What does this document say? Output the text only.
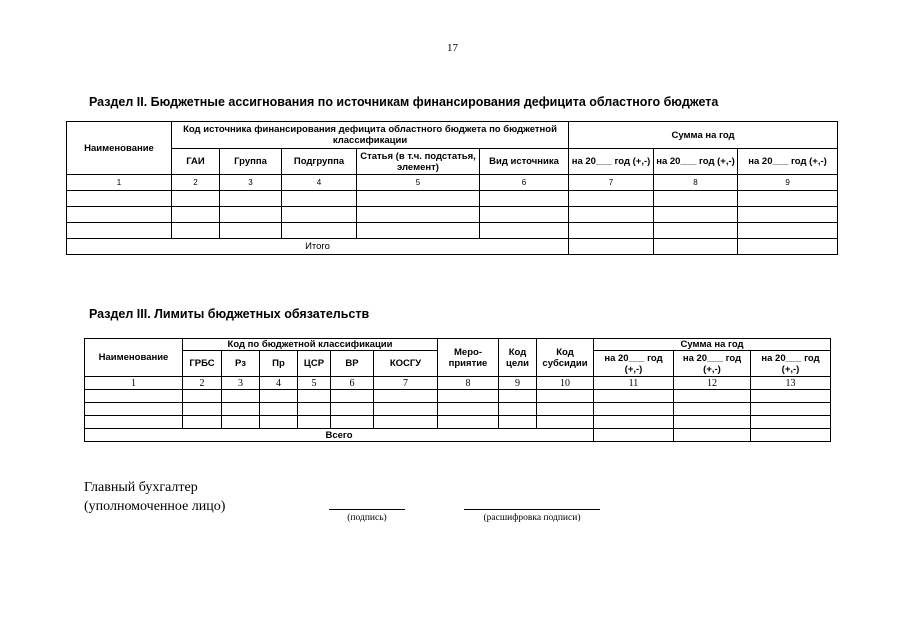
17
Раздел II. Бюджетные ассигнования по источникам финансирования дефицита областного бюджета
Наименование	Код источника финансирования дефицита областного бюджета по бюджетной классификации					Сумма на год		
	ГАИ	Группа	Подгруппа	Статья (в т.ч. подстатья, элемент)	Вид источника	на 20___ год (+,-)	на 20___ год (+,-)	на 20___ год (+,-)
1	2	3	4	5	6	7	8	9

Итого								
Раздел III. Лимиты бюджетных обязательств
Наименование	Код по бюджетной классификации						Меро-приятие	Код цели	Код субсидии	Сумма на год		
	ГРБС	Рз	Пр	ЦСР	ВР	КОСГУ				на 20___ год (+,-)	на 20___ год (+,-)	на 20___ год (+,-)
1	2	3	4	5	6	7	8	9	10	11	12	13

Всего												
Главный бухгалтер
(уполномоченное лицо)
(подпись)	(расшифровка подписи)
